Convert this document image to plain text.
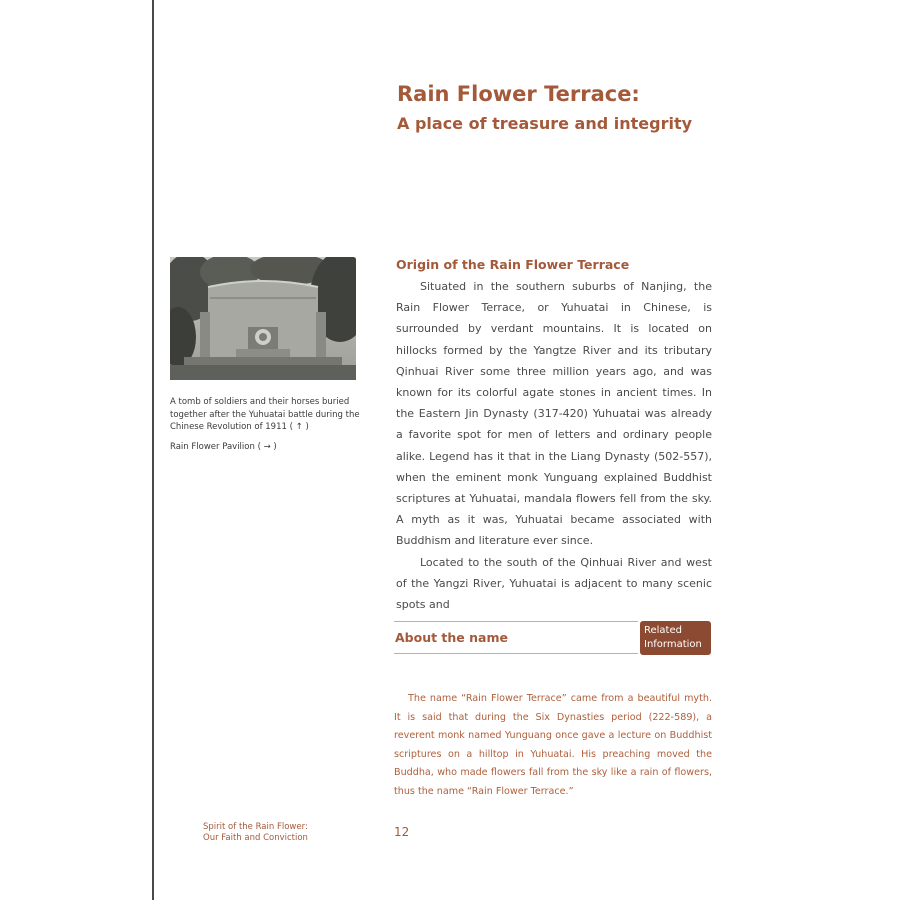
Rain Flower Terrace:
A place of treasure and integrity
A tomb of soldiers and their horses buried together after the Yuhuatai battle during the Chinese Revolution of 1911 ( ↑ )
Rain Flower Pavilion ( → )
Origin of the Rain Flower Terrace

Situated in the southern suburbs of Nanjing, the Rain Flower Terrace, or Yuhuatai in Chinese, is surrounded by verdant mountains. It is located on hillocks formed by the Yangtze River and its tributary Qinhuai River some three million years ago, and was known for its colorful agate stones in ancient times. In the Eastern Jin Dynasty (317-420) Yuhuatai was already a favorite spot for men of letters and ordinary people alike. Legend has it that in the Liang Dynasty (502-557), when the eminent monk Yunguang explained Buddhist scriptures at Yuhuatai, mandala flowers fell from the sky. A myth as it was, Yuhuatai became associated with Buddhism and literature ever since.

Located to the south of the Qinhuai River and west of the Yangzi River, Yuhuatai is adjacent to many scenic spots and

About the name	Related
Information

The name “Rain Flower Terrace” came from a beautiful myth. It is said that during the Six Dynasties period (222-589), a reverent monk named Yunguang once gave a lecture on Buddhist scriptures on a hilltop in Yuhuatai. His preaching moved the Buddha, who made flowers fall from the sky like a rain of flowers, thus the name “Rain Flower Terrace.”

Spirit of the Rain Flower:
Our Faith and Conviction	12
